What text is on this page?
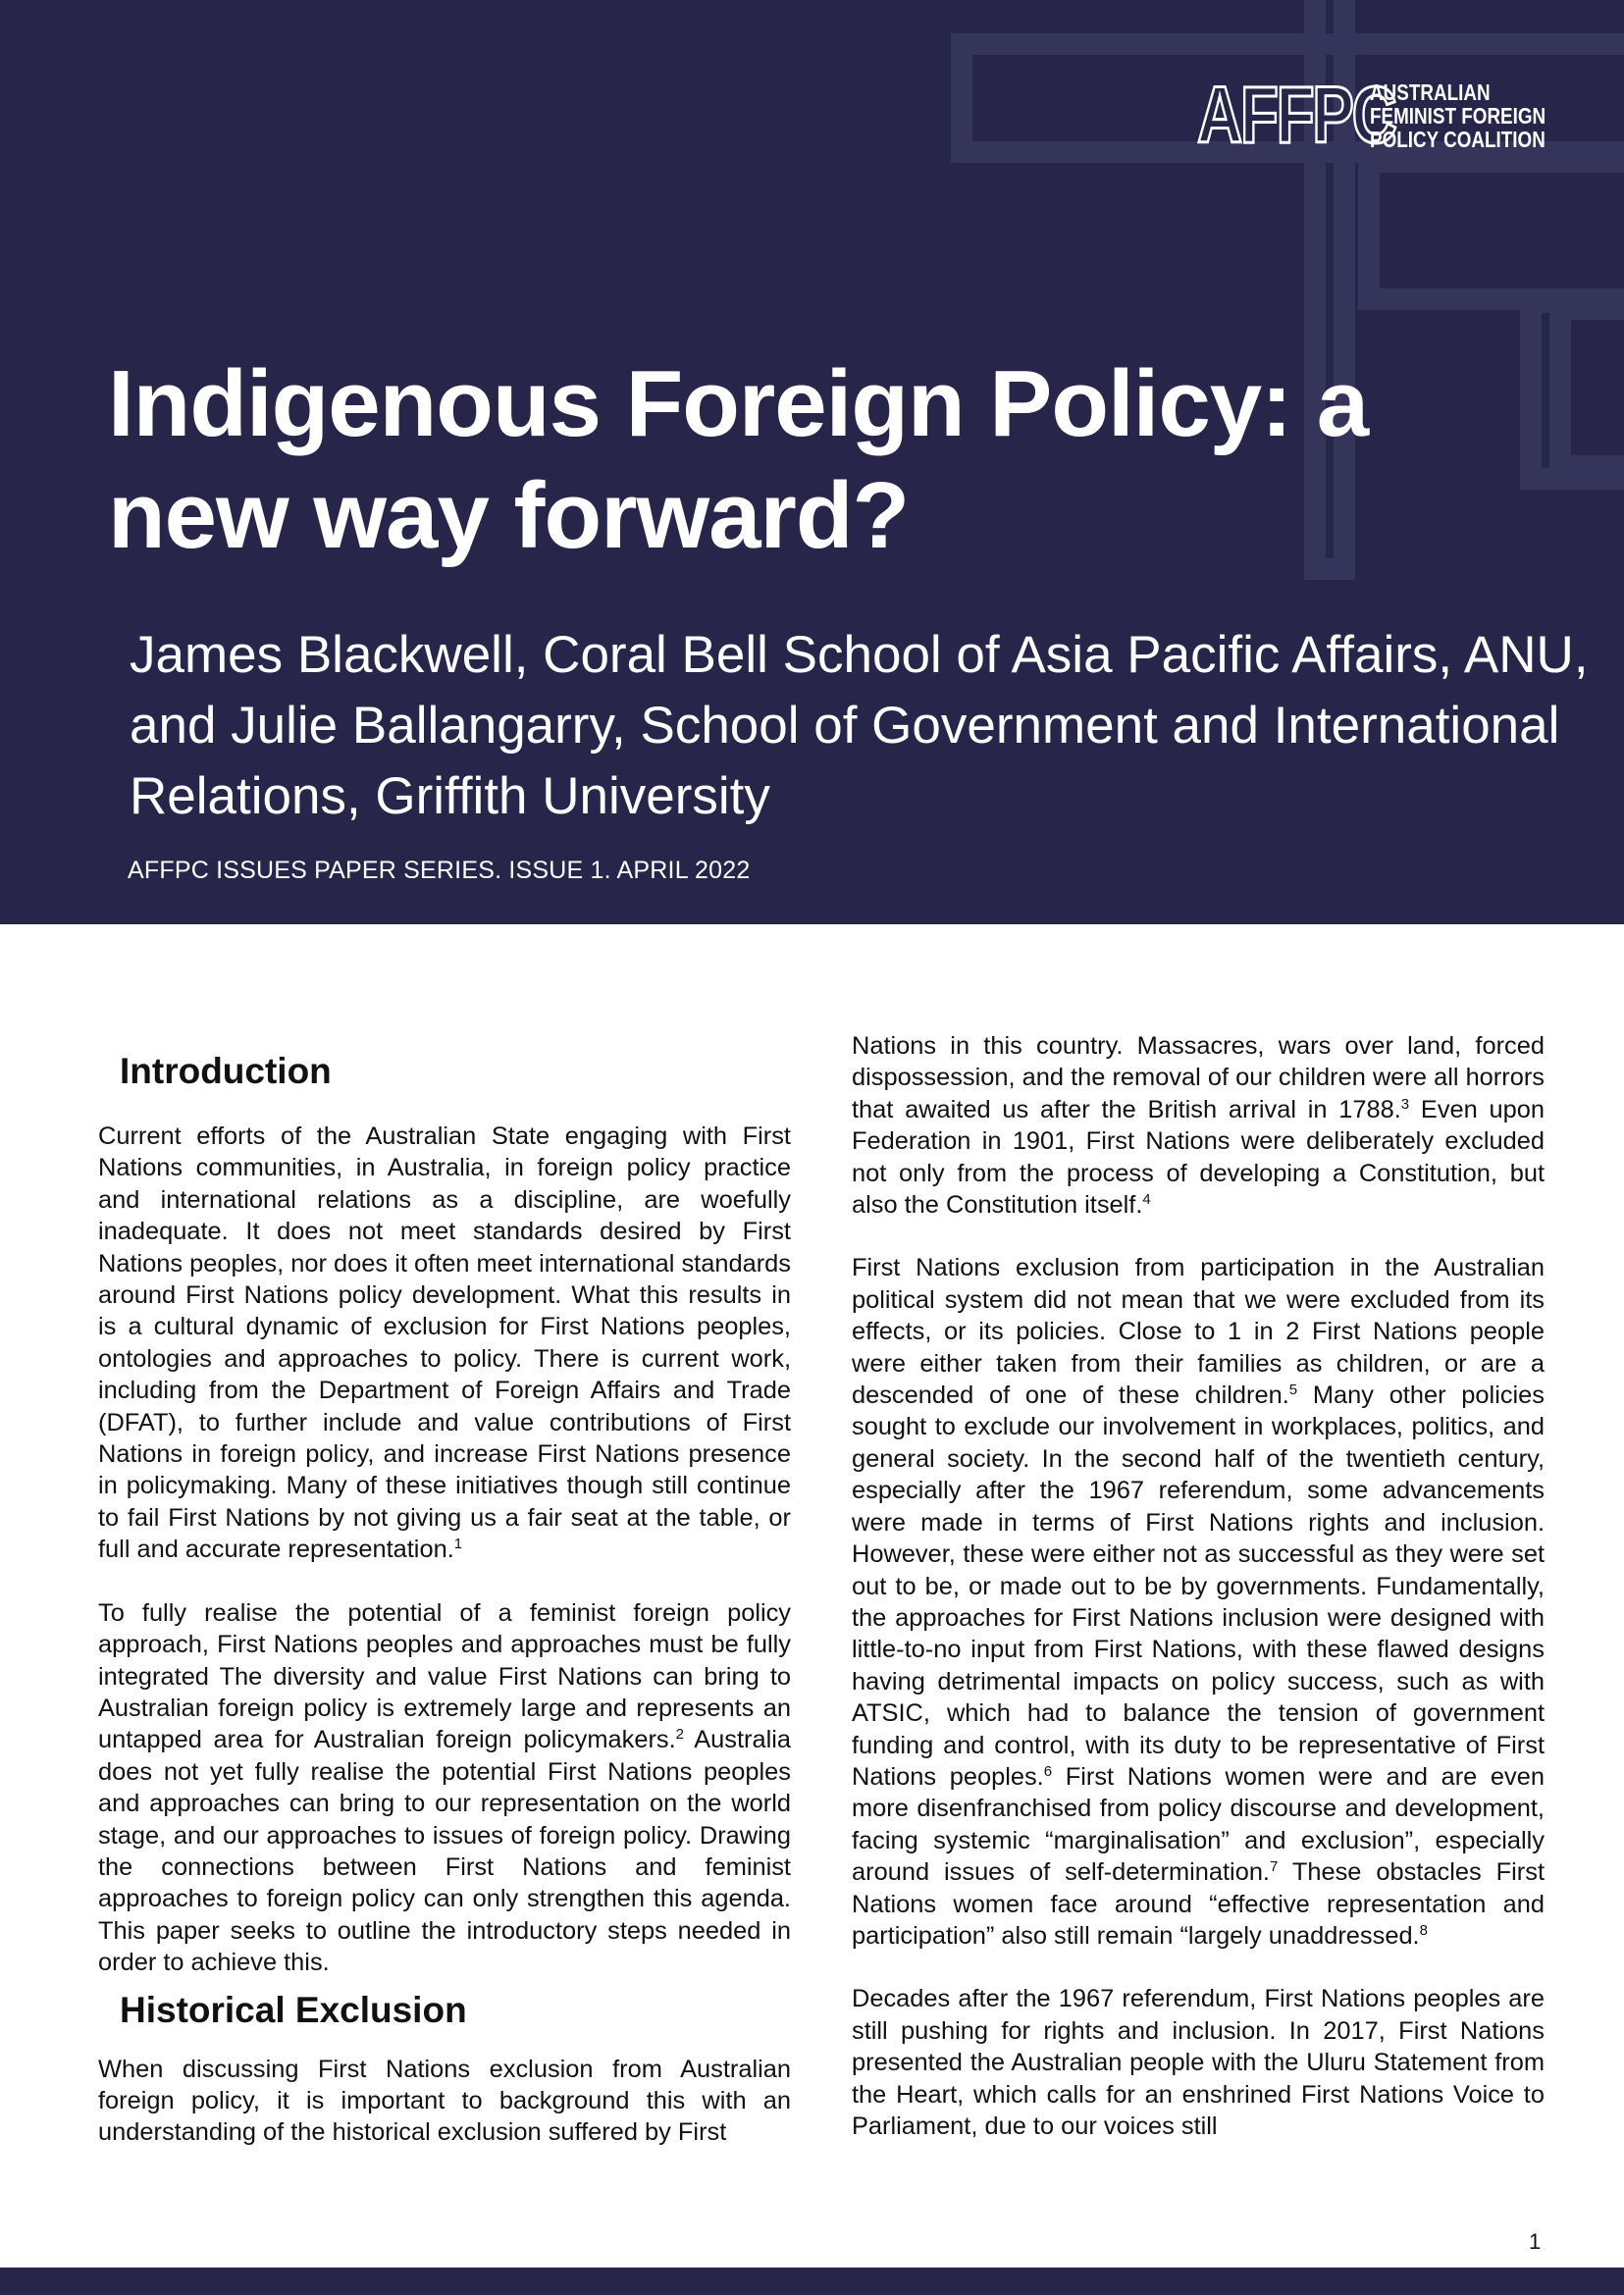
AFFPC
AUSTRALIAN
FEMINIST FOREIGN
POLICY COALITION
Indigenous Foreign Policy: a
new way forward?
James Blackwell, Coral Bell School of Asia Pacific Affairs, ANU,
and Julie Ballangarry, School of Government and International
Relations, Griffith University
AFFPC ISSUES PAPER SERIES. ISSUE 1. APRIL 2022
Introduction

Current efforts of the Australian State engaging with First Nations communities, in Australia, in foreign policy practice and international relations as a discipline, are woefully inadequate. It does not meet standards desired by First Nations peoples, nor does it often meet international standards around First Nations policy development. What this results in is a cultural dynamic of exclusion for First Nations peoples, ontologies and approaches to policy. There is current work, including from the Department of Foreign Affairs and Trade (DFAT), to further include and value contributions of First Nations in foreign policy, and increase First Nations presence in policymaking. Many of these initiatives though still continue to fail First Nations by not giving us a fair seat at the table, or full and accurate representation.$^1$

To fully realise the potential of a feminist foreign policy approach, First Nations peoples and approaches must be fully integrated The diversity and value First Nations can bring to Australian foreign policy is extremely large and represents an untapped area for Australian foreign policymakers.$^2$ Australia does not yet fully realise the potential First Nations peoples and approaches can bring to our representation on the world stage, and our approaches to issues of foreign policy. Drawing the connections between First Nations and feminist approaches to foreign policy can only strengthen this agenda. This paper seeks to outline the introductory steps needed in order to achieve this.

Historical Exclusion

When discussing First Nations exclusion from Australian foreign policy, it is important to background this with an understanding of the historical exclusion suffered by First

Nations in this country. Massacres, wars over land, forced dispossession, and the removal of our children were all horrors that awaited us after the British arrival in 1788.$^3$ Even upon Federation in 1901, First Nations were deliberately excluded not only from the process of developing a Constitution, but also the Constitution itself.$^4$

First Nations exclusion from participation in the Australian political system did not mean that we were excluded from its effects, or its policies. Close to 1 in 2 First Nations people were either taken from their families as children, or are a descended of one of these children.$^5$ Many other policies sought to exclude our involvement in workplaces, politics, and general society. In the second half of the twentieth century, especially after the 1967 referendum, some advancements were made in terms of First Nations rights and inclusion. However, these were either not as successful as they were set out to be, or made out to be by governments. Fundamentally, the approaches for First Nations inclusion were designed with little-to-no input from First Nations, with these flawed designs having detrimental impacts on policy success, such as with ATSIC, which had to balance the tension of government funding and control, with its duty to be representative of First Nations peoples.$^6$ First Nations women were and are even more disenfranchised from policy discourse and development, facing systemic “marginalisation” and exclusion”, especially around issues of self-determination.$^7$ These obstacles First Nations women face around “effective representation and participation” also still remain “largely unaddressed.$^8$

Decades after the 1967 referendum, First Nations peoples are still pushing for rights and inclusion. In 2017, First Nations presented the Australian people with the Uluru Statement from the Heart, which calls for an enshrined First Nations Voice to Parliament, due to our voices still

1
